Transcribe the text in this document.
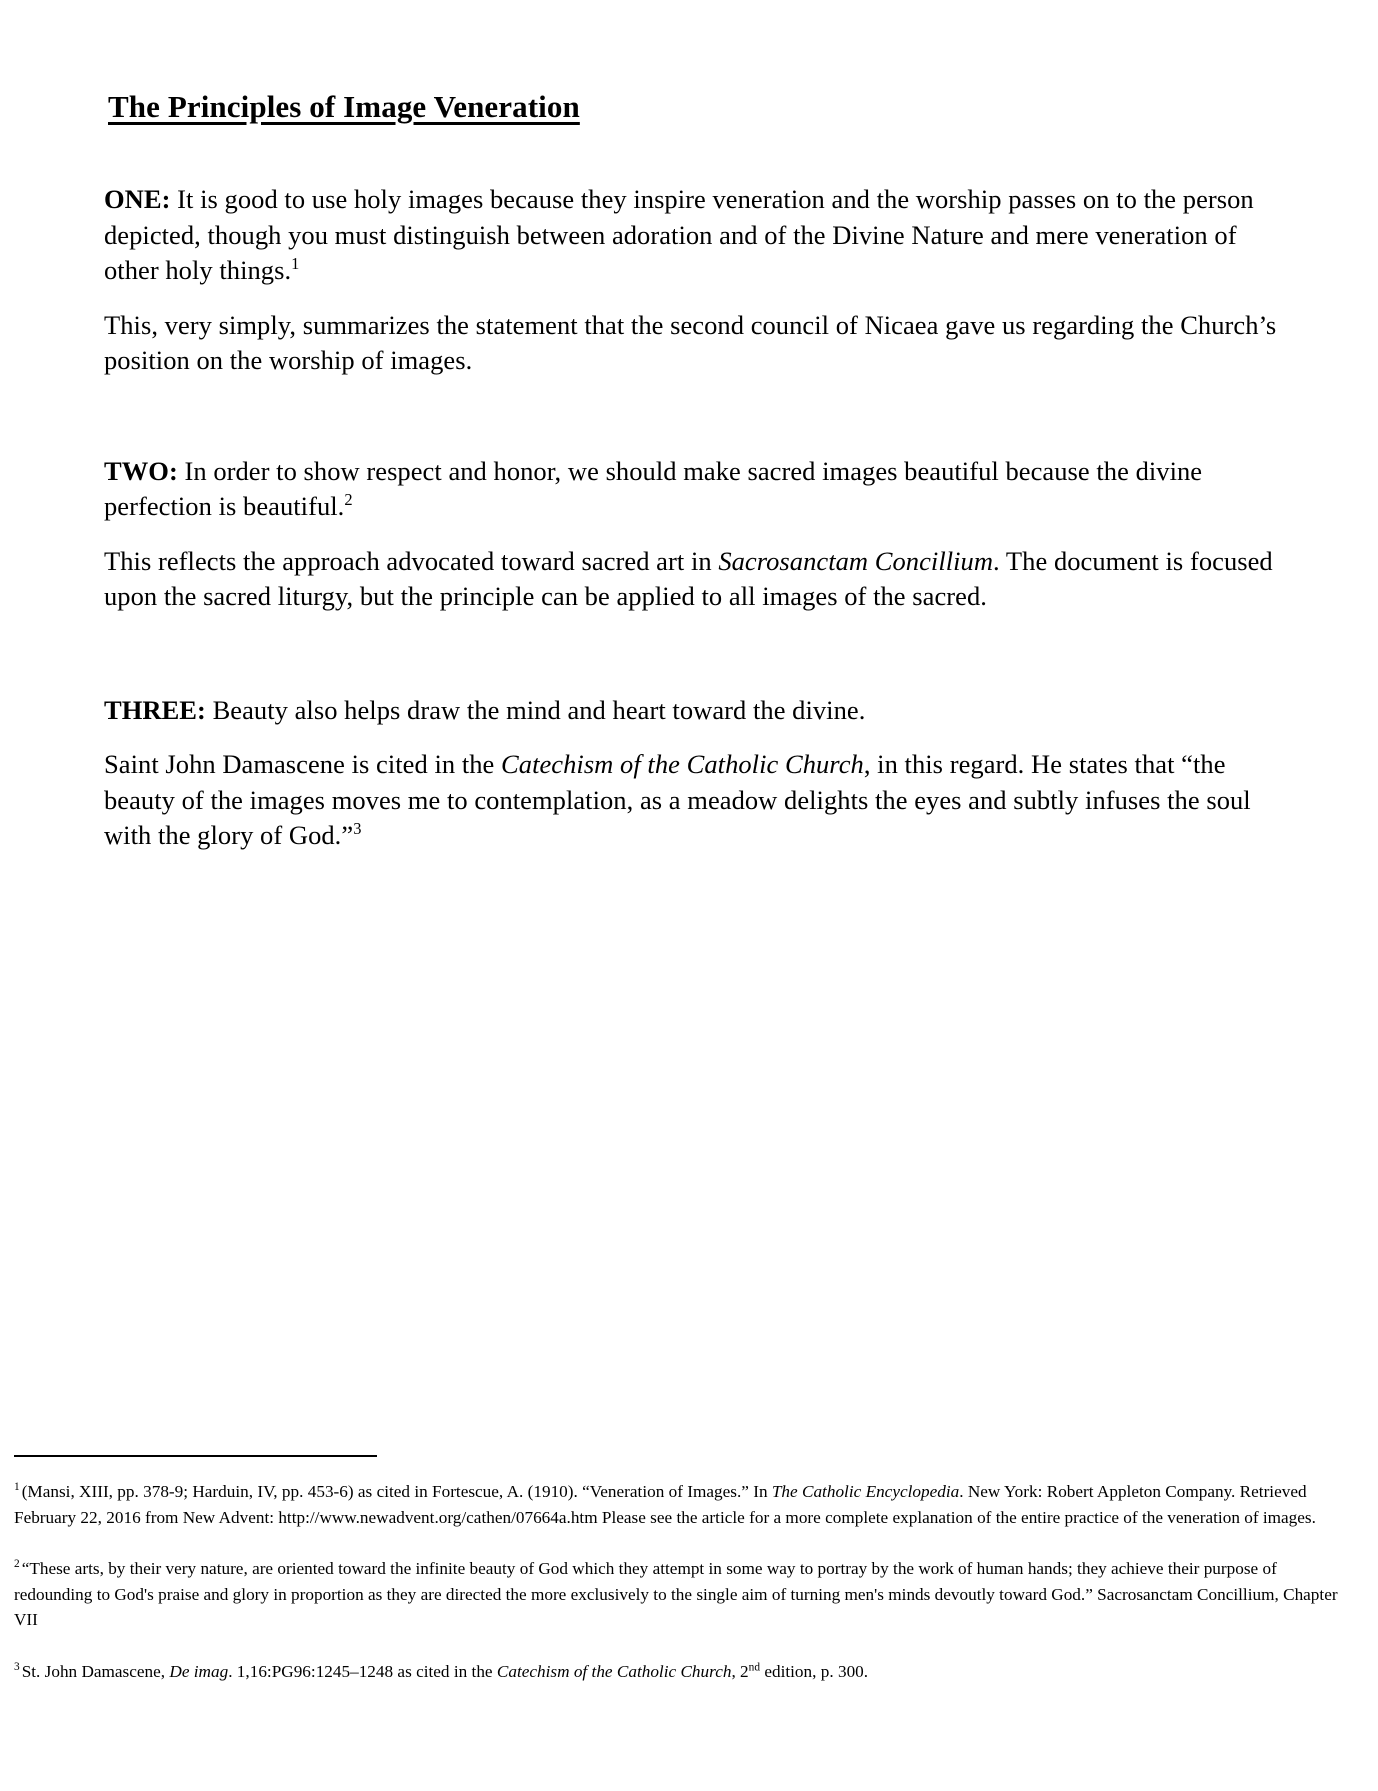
The Principles of Image Veneration

ONE: It is good to use holy images because they inspire veneration and the worship passes on to the person depicted, though you must distinguish between adoration and of the Divine Nature and mere veneration of other holy things.$^1$

This, very simply, summarizes the statement that the second council of Nicaea gave us regarding the Church’s position on the worship of images.

TWO: In order to show respect and honor, we should make sacred images beautiful because the divine perfection is beautiful.$^2$

This reflects the approach advocated toward sacred art in Sacrosanctam Concillium. The document is focused upon the sacred liturgy, but the principle can be applied to all images of the sacred.

THREE: Beauty also helps draw the mind and heart toward the divine.

Saint John Damascene is cited in the Catechism of the Catholic Church, in this regard. He states that “the beauty of the images moves me to contemplation, as a meadow delights the eyes and subtly infuses the soul with the glory of God.”$^3$

$^1$ (Mansi, XIII, pp. 378-9; Harduin, IV, pp. 453-6) as cited in Fortescue, A. (1910). “Veneration of Images.” In The Catholic Encyclopedia. New York: Robert Appleton Company. Retrieved February 22, 2016 from New Advent: http://www.newadvent.org/cathen/07664a.htm Please see the article for a more complete explanation of the entire practice of the veneration of images.

$^2$ “These arts, by their very nature, are oriented toward the infinite beauty of God which they attempt in some way to portray by the work of human hands; they achieve their purpose of redounding to God's praise and glory in proportion as they are directed the more exclusively to the single aim of turning men's minds devoutly toward God.” Sacrosanctam Concillium, Chapter VII

$^3$ St. John Damascene, De imag. 1,16:PG96:1245–1248 as cited in the Catechism of the Catholic Church, 2nd edition, p. 300.
